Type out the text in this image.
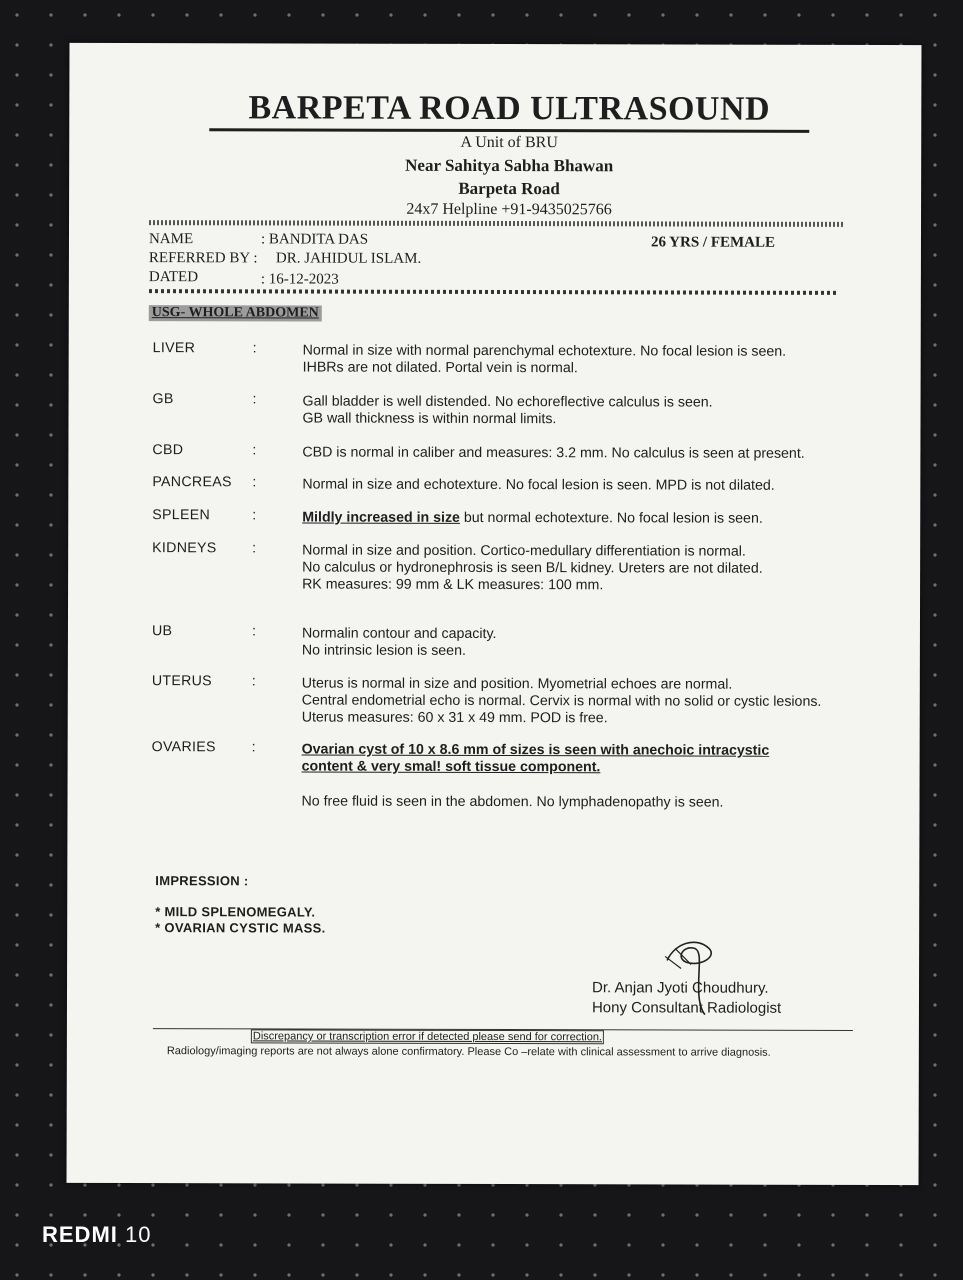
BARPETA ROAD ULTRASOUND
A Unit of BRU
Near Sahitya Sabha Bhawan
Barpeta Road
24x7 Helpline +91-9435025766
NAME	: BANDITA DAS	26 YRS / FEMALE
REFERRED BY : DR. JAHIDUL ISLAM.
DATED	: 16-12-2023
USG- WHOLE ABDOMEN
LIVER	:	Normal in size with normal parenchymal echotexture. No focal lesion is seen.
IHBRs are not dilated. Portal vein is normal.
GB	:	Gall bladder is well distended. No echoreflective calculus is seen.
GB wall thickness is within normal limits.
CBD	:	CBD is normal in caliber and measures: 3.2 mm. No calculus is seen at present.
PANCREAS	:	Normal in size and echotexture. No focal lesion is seen. MPD is not dilated.
SPLEEN	:	Mildly increased in size but normal echotexture. No focal lesion is seen.
KIDNEYS	:	Normal in size and position. Cortico-medullary differentiation is normal.
No calculus or hydronephrosis is seen B/L kidney. Ureters are not dilated.
RK measures: 99 mm & LK measures: 100 mm.
UB	:	Normalin contour and capacity.
No intrinsic lesion is seen.
UTERUS	:	Uterus is normal in size and position. Myometrial echoes are normal.
Central endometrial echo is normal. Cervix is normal with no solid or cystic lesions.
Uterus measures: 60 x 31 x 49 mm. POD is free.
OVARIES	:	Ovarian cyst of 10 x 8.6 mm of sizes is seen with anechoic intracystic
content & very smal! soft tissue component.
No free fluid is seen in the abdomen. No lymphadenopathy is seen.
IMPRESSION :
* MILD SPLENOMEGALY.
* OVARIAN CYSTIC MASS.
Dr. Anjan Jyoti Choudhury.
Hony Consultant Radiologist
Discrepancy or transcription error if detected please send for correction.
Radiology/imaging reports are not always alone confirmatory. Please Co –relate with clinical assessment to arrive diagnosis.
REDMI 10
